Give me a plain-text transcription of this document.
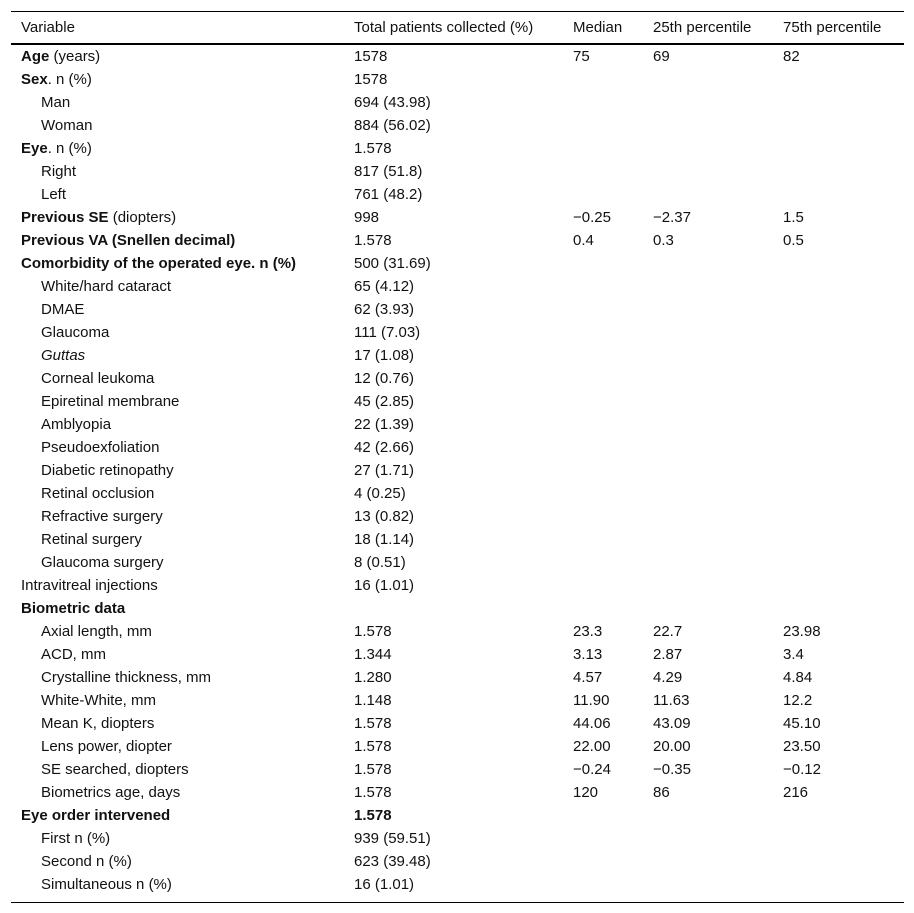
Variable	Total patients collected (%)	Median	25th percentile	75th percentile
Age (years)	1578	75	69	82
Sex. n (%)	1578			
Man	694 (43.98)			
Woman	884 (56.02)			
Eye. n (%)	1.578			
Right	817 (51.8)			
Left	761 (48.2)			
Previous SE (diopters)	998	−0.25	−2.37	1.5
Previous VA (Snellen decimal)	1.578	0.4	0.3	0.5
Comorbidity of the operated eye. n (%)	500 (31.69)			
White/hard cataract	65 (4.12)			
DMAE	62 (3.93)			
Glaucoma	111 (7.03)			
Guttas	17 (1.08)			
Corneal leukoma	12 (0.76)			
Epiretinal membrane	45 (2.85)			
Amblyopia	22 (1.39)			
Pseudoexfoliation	42 (2.66)			
Diabetic retinopathy	27 (1.71)			
Retinal occlusion	4 (0.25)			
Refractive surgery	13 (0.82)			
Retinal surgery	18 (1.14)			
Glaucoma surgery	8 (0.51)			
Intravitreal injections	16 (1.01)			
Biometric data				
Axial length, mm	1.578	23.3	22.7	23.98
ACD, mm	1.344	3.13	2.87	3.4
Crystalline thickness, mm	1.280	4.57	4.29	4.84
White-White, mm	1.148	11.90	11.63	12.2
Mean K, diopters	1.578	44.06	43.09	45.10
Lens power, diopter	1.578	22.00	20.00	23.50
SE searched, diopters	1.578	−0.24	−0.35	−0.12
Biometrics age, days	1.578	120	86	216
Eye order intervened	1.578			
First n (%)	939 (59.51)			
Second n (%)	623 (39.48)			
Simultaneous n (%)	16 (1.01)			
